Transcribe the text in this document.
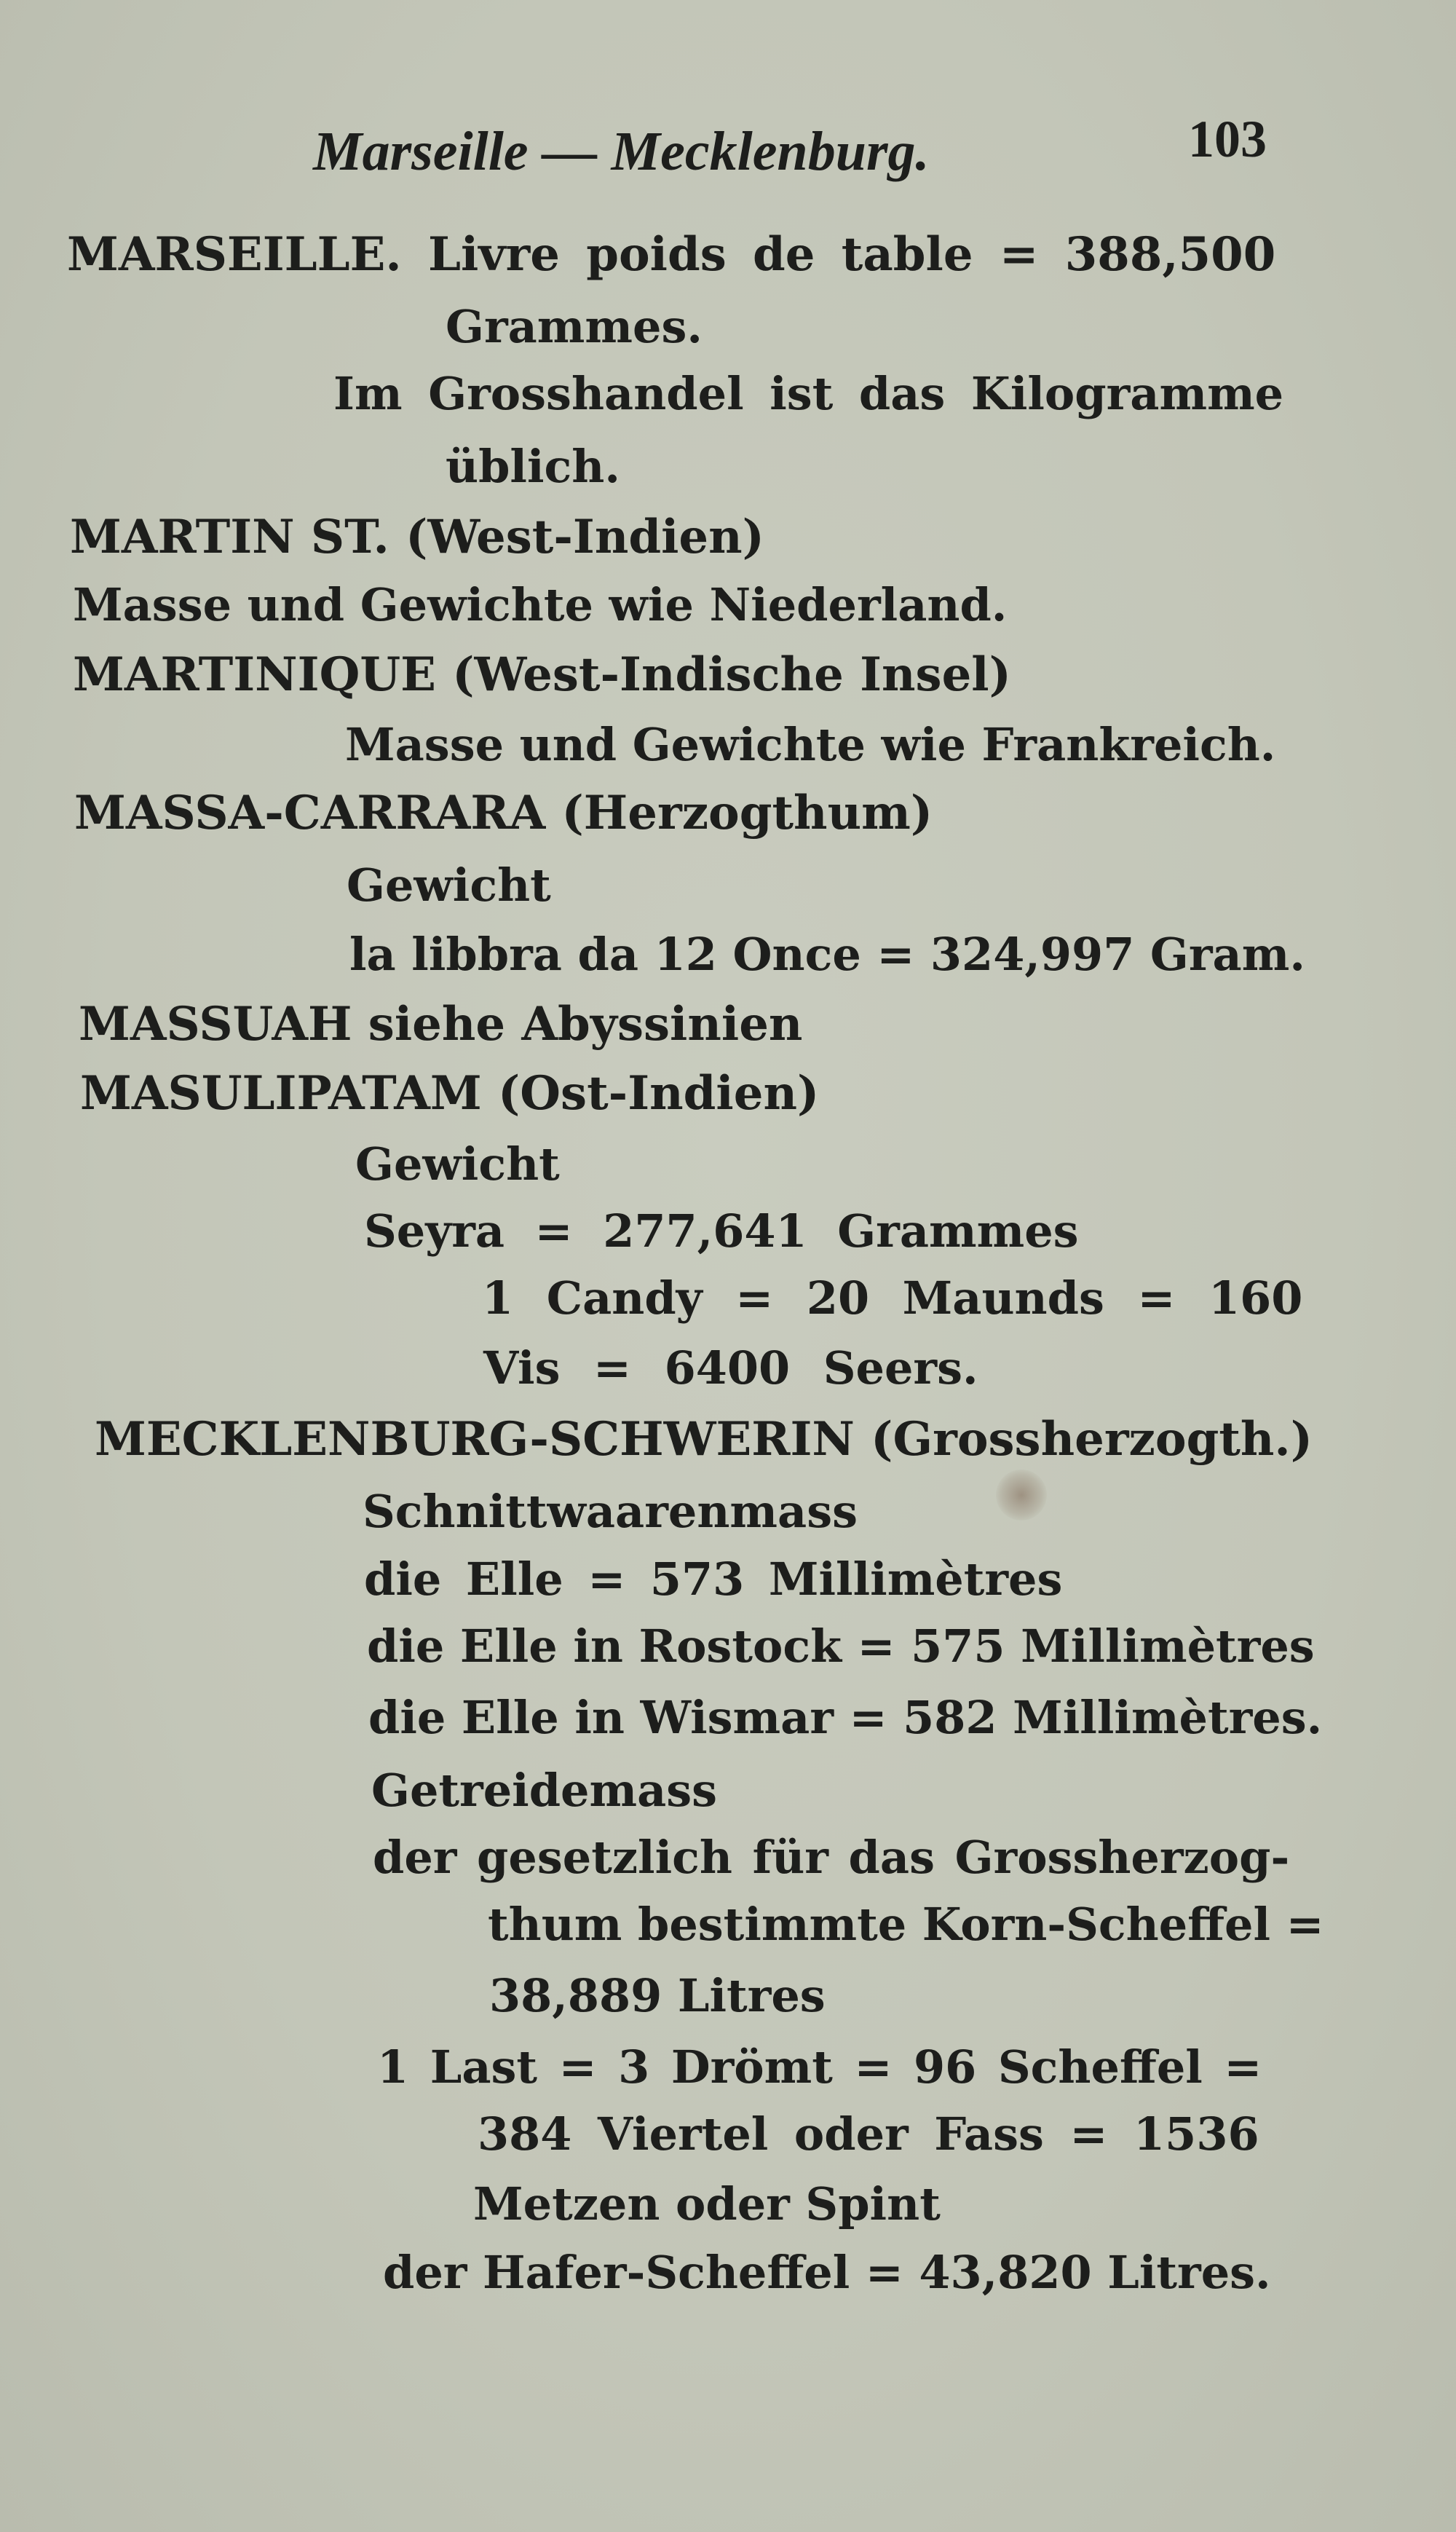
Marseille — Mecklenburg.	103
MARSEILLE. Livre poids de table = 388,500
Grammes.
Im Grosshandel ist das Kilogramme
üblich.
MARTIN ST. (West-Indien)
Masse und Gewichte wie Niederland.
MARTINIQUE (West-Indische Insel)
Masse und Gewichte wie Frankreich.
MASSA-CARRARA (Herzogthum)
Gewicht
la libbra da 12 Once = 324,997 Gram.
MASSUAH siehe Abyssinien
MASULIPATAM (Ost-Indien)
Gewicht
Seyra = 277,641 Grammes
1 Candy = 20 Maunds = 160
Vis = 6400 Seers.
MECKLENBURG-SCHWERIN (Grossherzogth.)
Schnittwaarenmass
die Elle = 573 Millimètres
die Elle in Rostock = 575 Millimètres
die Elle in Wismar = 582 Millimètres.
Getreidemass
der gesetzlich für das Grossherzog-
thum bestimmte Korn-Scheffel =
38,889 Litres
1 Last = 3 Drömt = 96 Scheffel =
384 Viertel oder Fass = 1536
Metzen oder Spint
der Hafer-Scheffel = 43,820 Litres.
